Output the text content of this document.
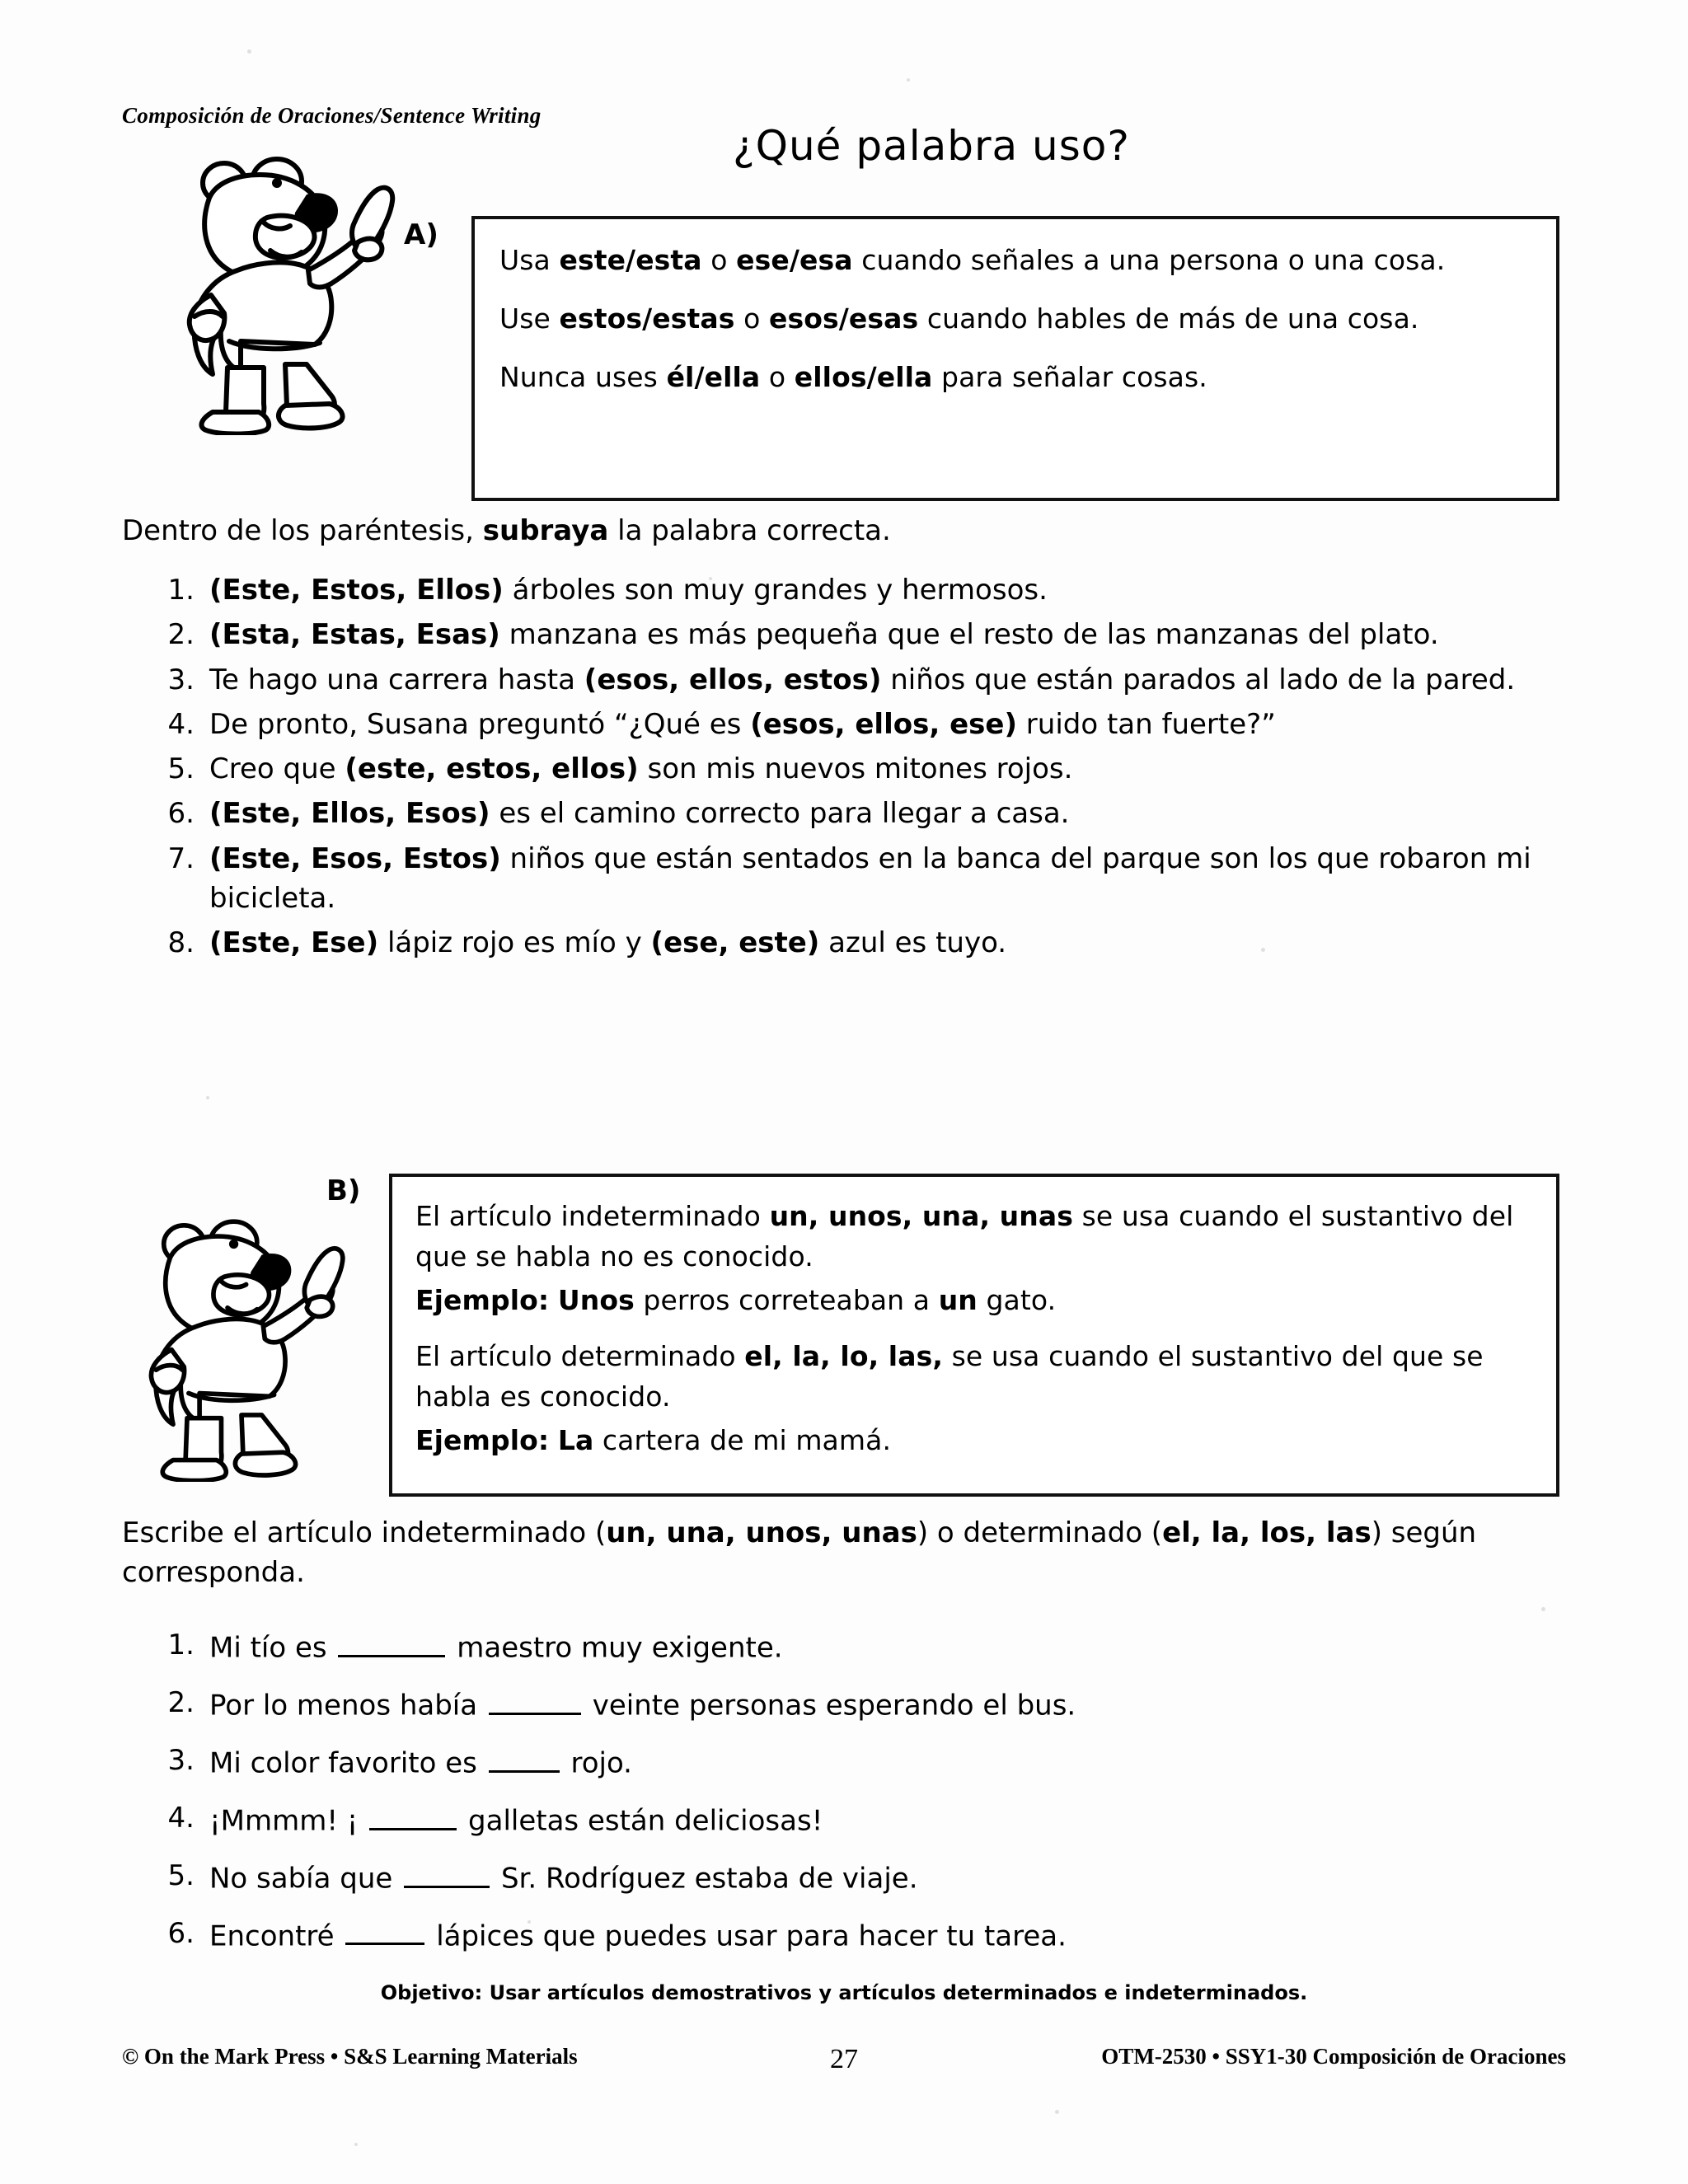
Composición de Oraciones/Sentence Writing
¿Qué palabra uso?
A)

Usa este/esta o ese/esa cuando señales a una persona o una cosa.

Use estos/estas o esos/esas cuando hables de más de una cosa.

Nunca uses él/ella o ellos/ella para señalar cosas.

Dentro de los paréntesis, subraya la palabra correcta.
1. (Este, Estos, Ellos) árboles son muy grandes y hermosos.
2. (Esta, Estas, Esas) manzana es más pequeña que el resto de las manzanas del plato.
3. Te hago una carrera hasta (esos, ellos, estos) niños que están parados al lado de la pared.
4. De pronto, Susana preguntó “¿Qué es (esos, ellos, ese) ruido tan fuerte?”
5. Creo que (este, estos, ellos) son mis nuevos mitones rojos.
6. (Este, Ellos, Esos) es el camino correcto para llegar a casa.
7. (Este, Esos, Estos) niños que están sentados en la banca del parque son los que robaron mi bicicleta.
8. (Este, Ese) lápiz rojo es mío y (ese, este) azul es tuyo.
B)

El artículo indeterminado un, unos, una, unas se usa cuando el sustantivo del que se habla no es conocido.

Ejemplo: Unos perros correteaban a un gato.

El artículo determinado el, la, lo, las, se usa cuando el sustantivo del que se habla es conocido.

Ejemplo: La cartera de mi mamá.

Escribe el artículo indeterminado (un, una, unos, unas) o determinado (el, la, los, las) según corresponda.
1. Mi tío es	maestro muy exigente.
2. Por lo menos había	veinte personas esperando el bus.
3. Mi color favorito es	rojo.
4. ¡Mmmm! ¡	galletas están deliciosas!
5. No sabía que	Sr. Rodríguez estaba de viaje.
6. Encontré	lápices que puedes usar para hacer tu tarea.
Objetivo: Usar artículos demostrativos y artículos determinados e indeterminados.
© On the Mark Press • S&S Learning Materials	27	OTM-2530 • SSY1-30 Composición de Oraciones
